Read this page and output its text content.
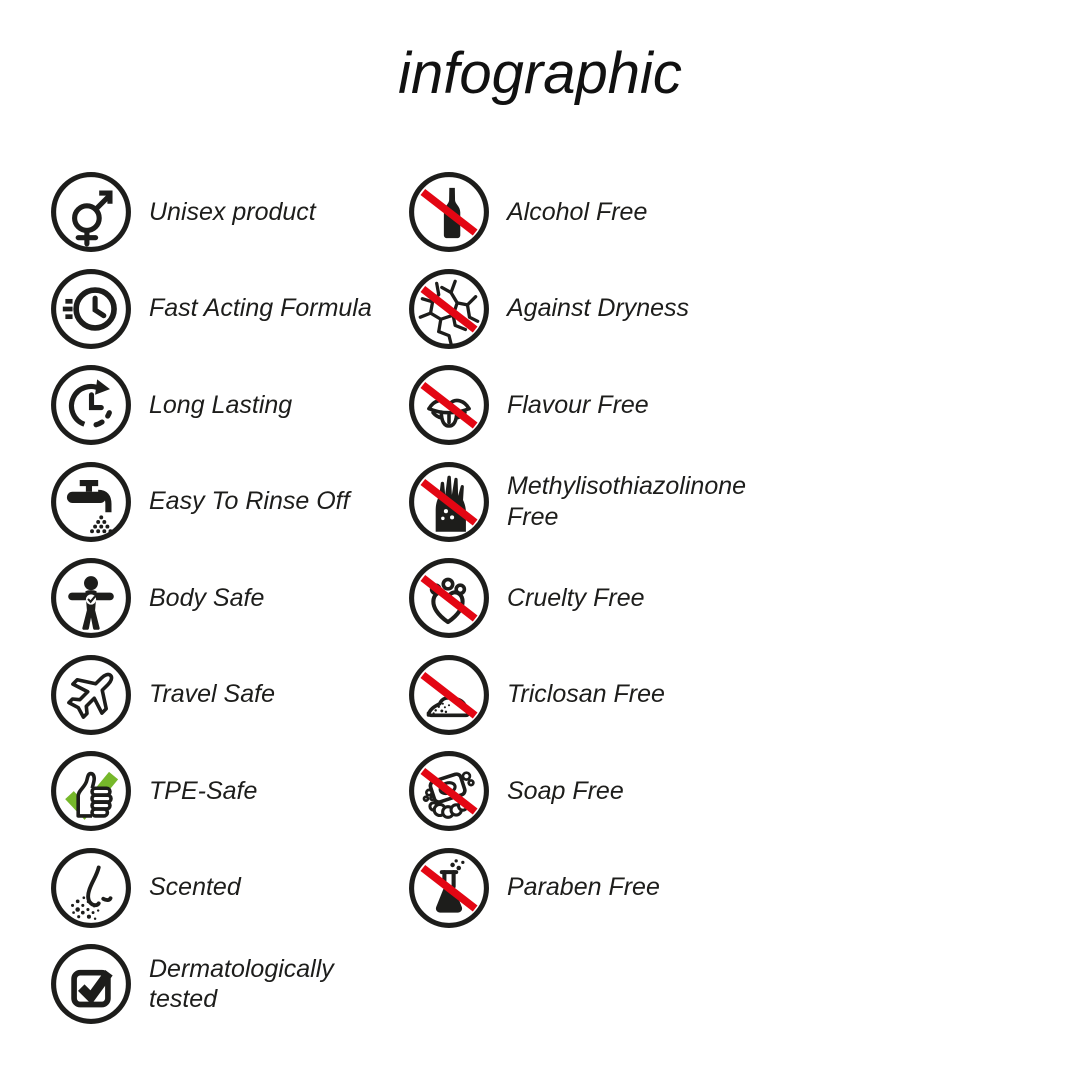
infographic
Unisex product
Fast Acting Formula
Long Lasting
Easy To Rinse Off
Body Safe
Travel Safe
TPE-Safe
Scented
Dermatologically tested
Alcohol Free
Against Dryness
Flavour Free
Methylisothiazolinone Free
Cruelty Free
Triclosan Free
Soap Free
Paraben Free
